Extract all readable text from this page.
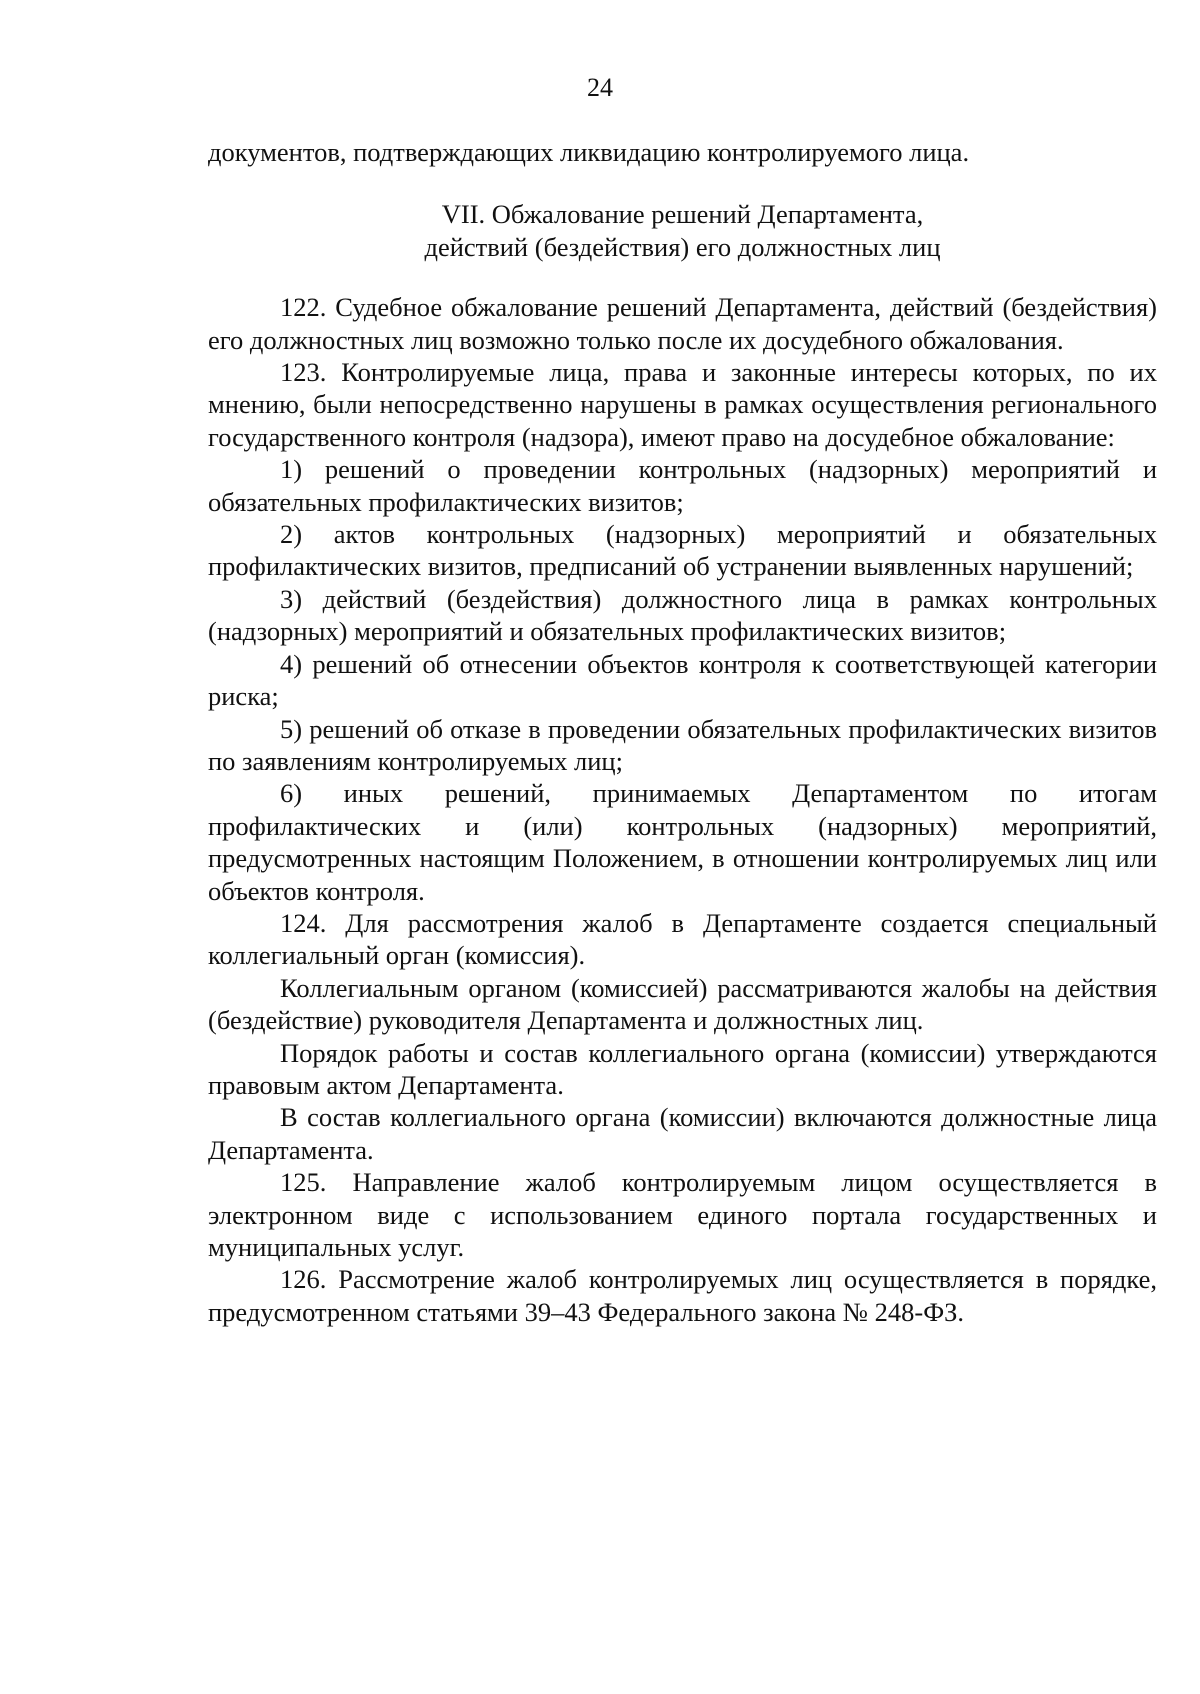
24

документов, подтверждающих ликвидацию контролируемого лица.

VII. Обжалование решений Департамента,
действий (бездействия) его должностных лиц

122. Судебное обжалование решений Департамента, действий (бездействия) его должностных лиц возможно только после их досудебного обжалования.

123. Контролируемые лица, права и законные интересы которых, по их мнению, были непосредственно нарушены в рамках осуществления регионального государственного контроля (надзора), имеют право на досудебное обжалование:

1) решений о проведении контрольных (надзорных) мероприятий и обязательных профилактических визитов;

2) актов контрольных (надзорных) мероприятий и обязательных профилактических визитов, предписаний об устранении выявленных нарушений;

3) действий (бездействия) должностного лица в рамках контрольных (надзорных) мероприятий и обязательных профилактических визитов;

4) решений об отнесении объектов контроля к соответствующей категории риска;

5) решений об отказе в проведении обязательных профилактических визитов по заявлениям контролируемых лиц;

6) иных решений, принимаемых Департаментом по итогам профилактических и (или) контрольных (надзорных) мероприятий, предусмотренных настоящим Положением, в отношении контролируемых лиц или объектов контроля.

124. Для рассмотрения жалоб в Департаменте создается специальный коллегиальный орган (комиссия).

Коллегиальным органом (комиссией) рассматриваются жалобы на действия (бездействие) руководителя Департамента и должностных лиц.

Порядок работы и состав коллегиального органа (комиссии) утверждаются правовым актом Департамента.

В состав коллегиального органа (комиссии) включаются должностные лица Департамента.

125. Направление жалоб контролируемым лицом осуществляется в электронном виде с использованием единого портала государственных и муниципальных услуг.

126. Рассмотрение жалоб контролируемых лиц осуществляется в порядке, предусмотренном статьями 39–43 Федерального закона № 248-ФЗ.
